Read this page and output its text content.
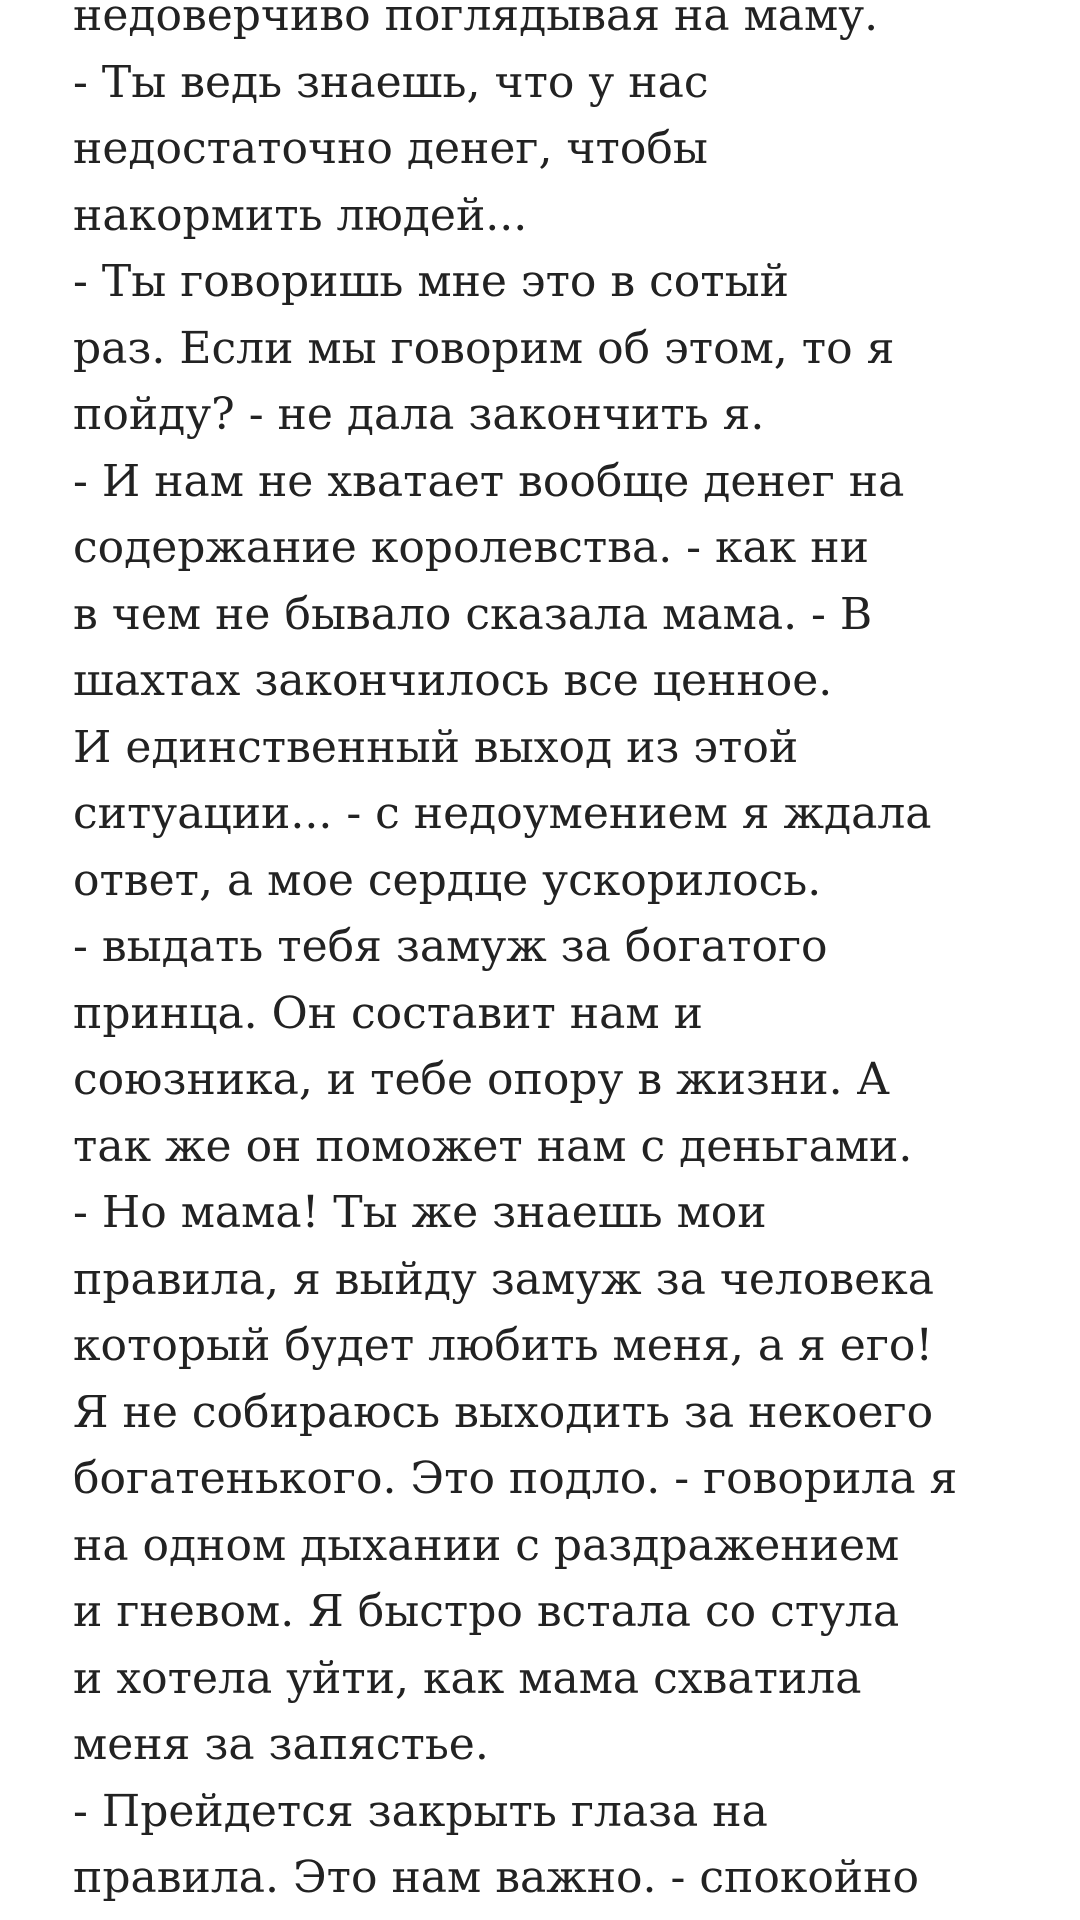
недоверчиво поглядывая на маму.
- Ты ведь знаешь, что у нас
недостаточно денег, чтобы
накормить людей...
- Ты говоришь мне это в сотый
раз. Если мы говорим об этом, то я
пойду? - не дала закончить я.
- И нам не хватает вообще денег на
содержание королевства. - как ни
в чем не бывало сказала мама. - В
шахтах закончилось все ценное.
И единственный выход из этой
ситуации... - с недоумением я ждала
ответ, а мое сердце ускорилось.
- выдать тебя замуж за богатого
принца. Он составит нам и
союзника, и тебе опору в жизни. А
так же он поможет нам с деньгами.
- Но мама! Ты же знаешь мои
правила, я выйду замуж за человека
который будет любить меня, а я его!
Я не собираюсь выходить за некоего
богатенького. Это подло. - говорила я
на одном дыхании с раздражением
и гневом. Я быстро встала со стула
и хотела уйти, как мама схватила
меня за запястье.
- Прейдется закрыть глаза на
правила. Это нам важно. - спокойно
